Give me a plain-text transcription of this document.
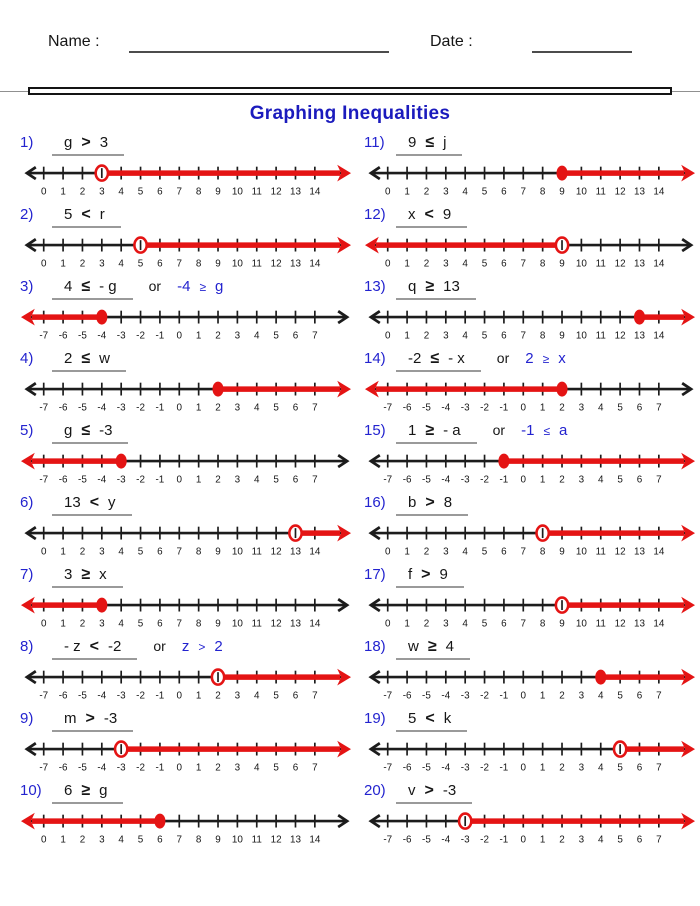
Name :	Date :
Graphing Inequalities
1)	g > 3
0 1 2 3 4 5 6 7 8 9 10 11 12 13 14
2)	5 < r
0 1 2 3 4 5 6 7 8 9 10 11 12 13 14
3)	4 ≤ - g	or -4 ≥ g
-7 -6 -5 -4 -3 -2 -1 0 1 2 3 4 5 6 7
4)	2 ≤ w
-7 -6 -5 -4 -3 -2 -1 0 1 2 3 4 5 6 7
5)	g ≤ -3
-7 -6 -5 -4 -3 -2 -1 0 1 2 3 4 5 6 7
6)	13 < y
0 1 2 3 4 5 6 7 8 9 10 11 12 13 14
7)	3 ≥ x
0 1 2 3 4 5 6 7 8 9 10 11 12 13 14
8)	- z < -2	or z > 2
-7 -6 -5 -4 -3 -2 -1 0 1 2 3 4 5 6 7
9)	m > -3
-7 -6 -5 -4 -3 -2 -1 0 1 2 3 4 5 6 7
10)	6 ≥ g
0 1 2 3 4 5 6 7 8 9 10 11 12 13 14
11)	9 ≤ j
0 1 2 3 4 5 6 7 8 9 10 11 12 13 14
12)	x < 9
0 1 2 3 4 5 6 7 8 9 10 11 12 13 14
13)	q ≥ 13
0 1 2 3 4 5 6 7 8 9 10 11 12 13 14
14)	-2 ≤ - x	or 2 ≥ x
-7 -6 -5 -4 -3 -2 -1 0 1 2 3 4 5 6 7
15)	1 ≥ - a	or -1 ≤ a
-7 -6 -5 -4 -3 -2 -1 0 1 2 3 4 5 6 7
16)	b > 8
0 1 2 3 4 5 6 7 8 9 10 11 12 13 14
17)	f > 9
0 1 2 3 4 5 6 7 8 9 10 11 12 13 14
18)	w ≥ 4
-7 -6 -5 -4 -3 -2 -1 0 1 2 3 4 5 6 7
19)	5 < k
-7 -6 -5 -4 -3 -2 -1 0 1 2 3 4 5 6 7
20)	v > -3
-7 -6 -5 -4 -3 -2 -1 0 1 2 3 4 5 6 7
